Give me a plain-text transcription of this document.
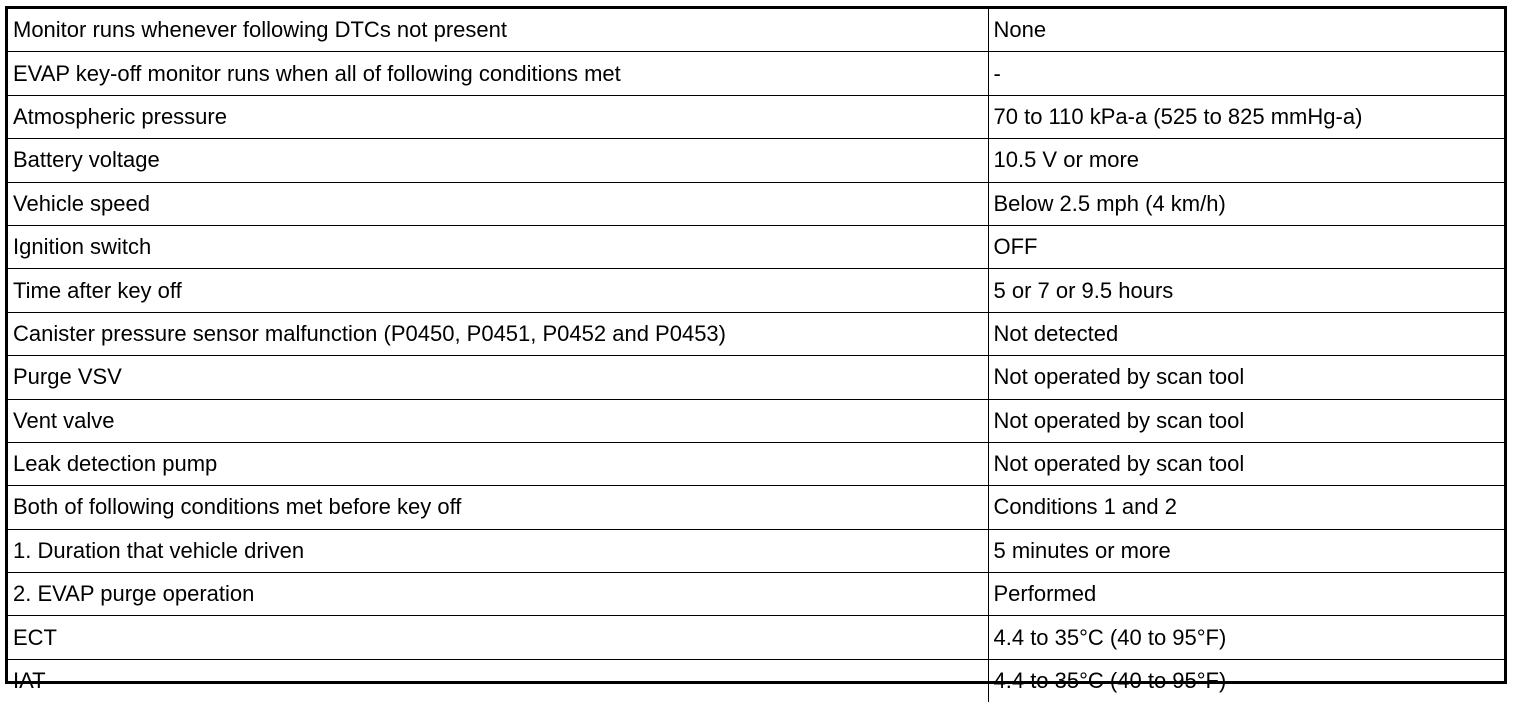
Monitor runs whenever following DTCs not present	None
EVAP key-off monitor runs when all of following conditions met	-
Atmospheric pressure	70 to 110 kPa-a (525 to 825 mmHg-a)
Battery voltage	10.5 V or more
Vehicle speed	Below 2.5 mph (4 km/h)
Ignition switch	OFF
Time after key off	5 or 7 or 9.5 hours
Canister pressure sensor malfunction (P0450, P0451, P0452 and P0453)	Not detected
Purge VSV	Not operated by scan tool
Vent valve	Not operated by scan tool
Leak detection pump	Not operated by scan tool
Both of following conditions met before key off	Conditions 1 and 2
1. Duration that vehicle driven	5 minutes or more
2. EVAP purge operation	Performed
ECT	4.4 to 35°C (40 to 95°F)
IAT	4.4 to 35°C (40 to 95°F)
